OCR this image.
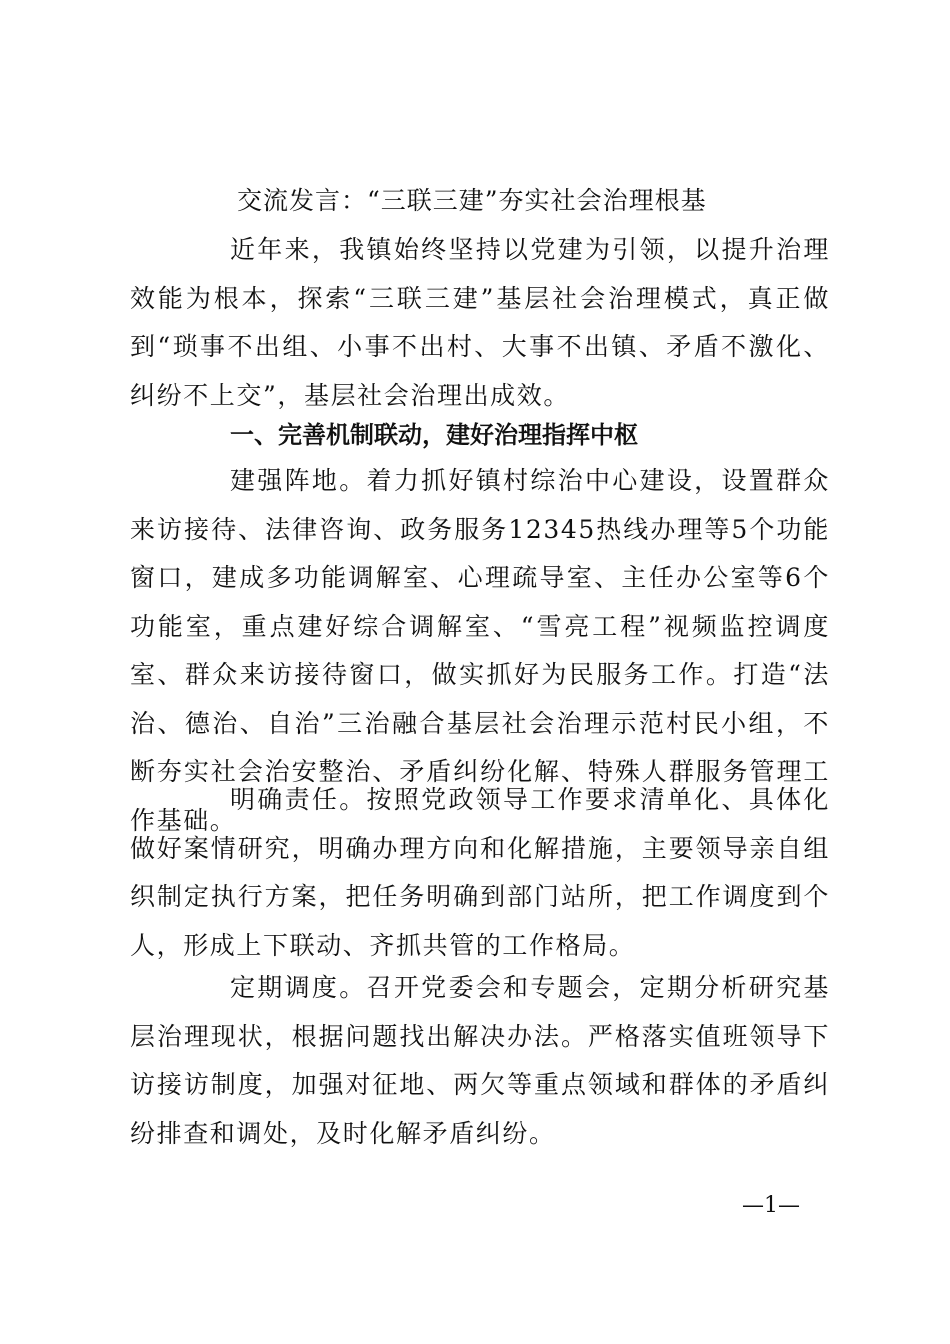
交流发言：“三联三建”夯实社会治理根基

近年来，我镇始终坚持以党建为引领，以提升治理效能为根本，探索“三联三建”基层社会治理模式，真正做到“琐事不出组、小事不出村、大事不出镇、矛盾不激化、纠纷不上交”，基层社会治理出成效。

一、完善机制联动，建好治理指挥中枢

建强阵地。着力抓好镇村综治中心建设，设置群众来访接待、法律咨询、政务服务12345热线办理等5个功能窗口，建成多功能调解室、心理疏导室、主任办公室等6个功能室，重点建好综合调解室、“雪亮工程”视频监控调度室、群众来访接待窗口，做实抓好为民服务工作。打造“法治、德治、自治”三治融合基层社会治理示范村民小组，不断夯实社会治安整治、矛盾纠纷化解、特殊人群服务管理工作基础。

明确责任。按照党政领导工作要求清单化、具体化做好案情研究，明确办理方向和化解措施，主要领导亲自组织制定执行方案，把任务明确到部门站所，把工作调度到个人，形成上下联动、齐抓共管的工作格局。

定期调度。召开党委会和专题会，定期分析研究基层治理现状，根据问题找出解决办法。严格落实值班领导下访接访制度，加强对征地、两欠等重点领域和群体的矛盾纠纷排查和调处，及时化解矛盾纠纷。

—1—
